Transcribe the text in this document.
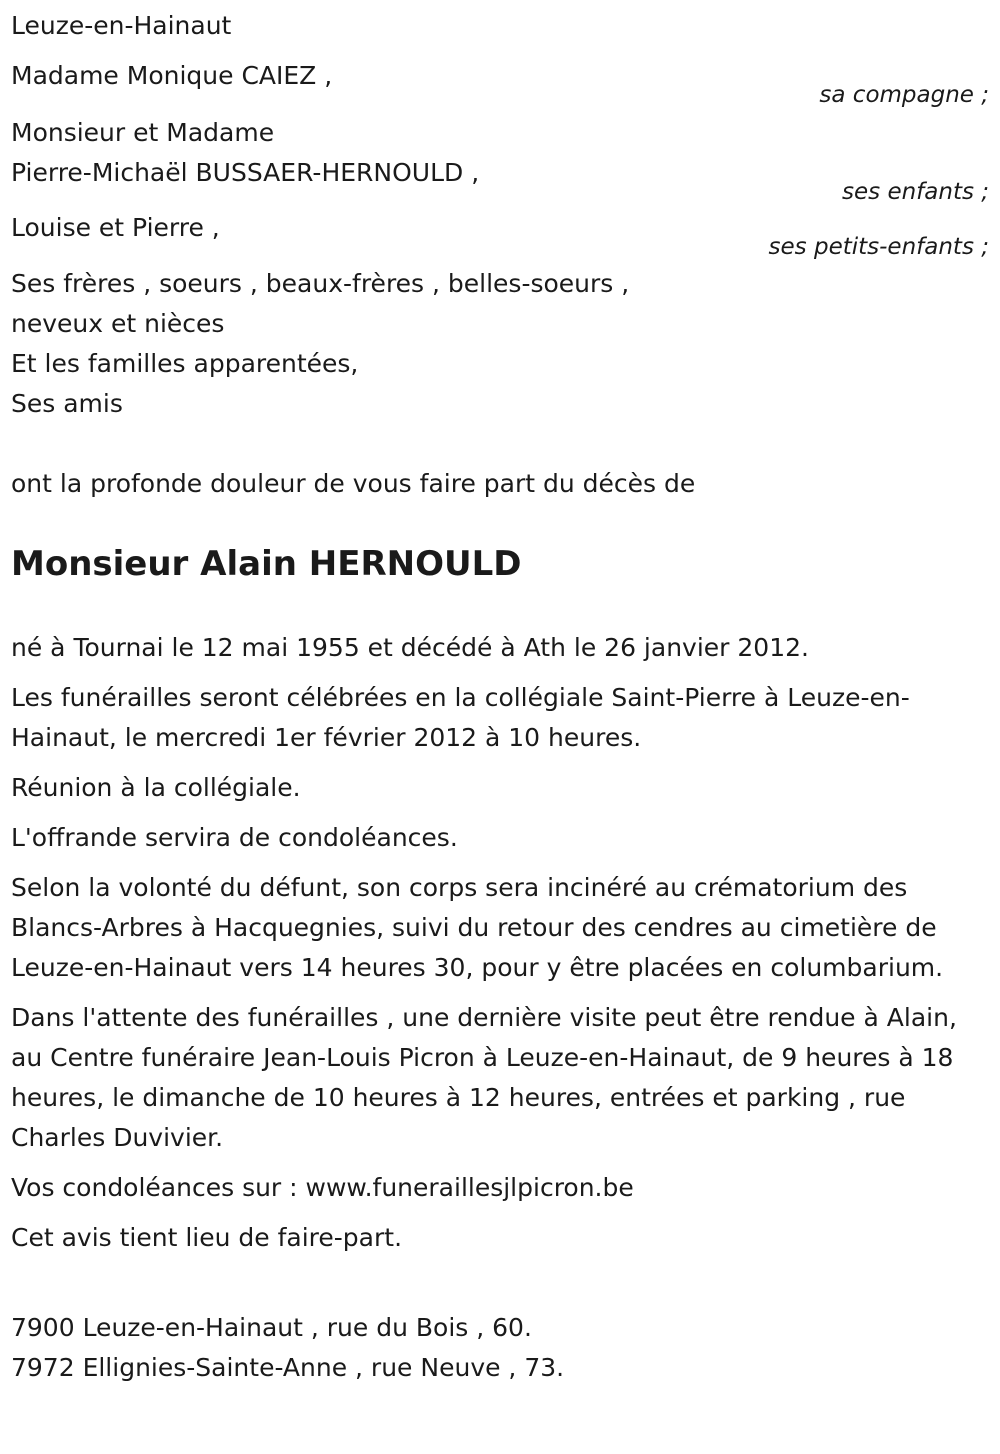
Leuze-en-Hainaut
Madame Monique CAIEZ ,
sa compagne ;
Monsieur et Madame
Pierre-Michaël BUSSAER-HERNOULD ,
ses enfants ;
Louise et Pierre ,
ses petits-enfants ;
Ses frères , soeurs , beaux-frères , belles-soeurs ,
neveux et nièces
Et les familles apparentées,
Ses amis
ont la profonde douleur de vous faire part du décès de
Monsieur Alain HERNOULD
né à Tournai le 12 mai 1955 et décédé à Ath le 26 janvier 2012.
Les funérailles seront célébrées en la collégiale Saint-Pierre à Leuze-en-Hainaut, le mercredi 1er février 2012 à 10 heures.
Réunion à la collégiale.
L'offrande servira de condoléances.
Selon la volonté du défunt, son corps sera incinéré au crématorium des Blancs-Arbres à Hacquegnies, suivi du retour des cendres au cimetière de Leuze-en-Hainaut vers 14 heures 30, pour y être placées en columbarium.
Dans l'attente des funérailles , une dernière visite peut être rendue à Alain, au Centre funéraire Jean-Louis Picron à Leuze-en-Hainaut, de 9 heures à 18 heures, le dimanche de 10 heures à 12 heures, entrées et parking , rue Charles Duvivier.
Vos condoléances sur : www.funeraillesjlpicron.be
Cet avis tient lieu de faire-part.
7900 Leuze-en-Hainaut , rue du Bois , 60.
7972 Ellignies-Sainte-Anne , rue Neuve , 73.
